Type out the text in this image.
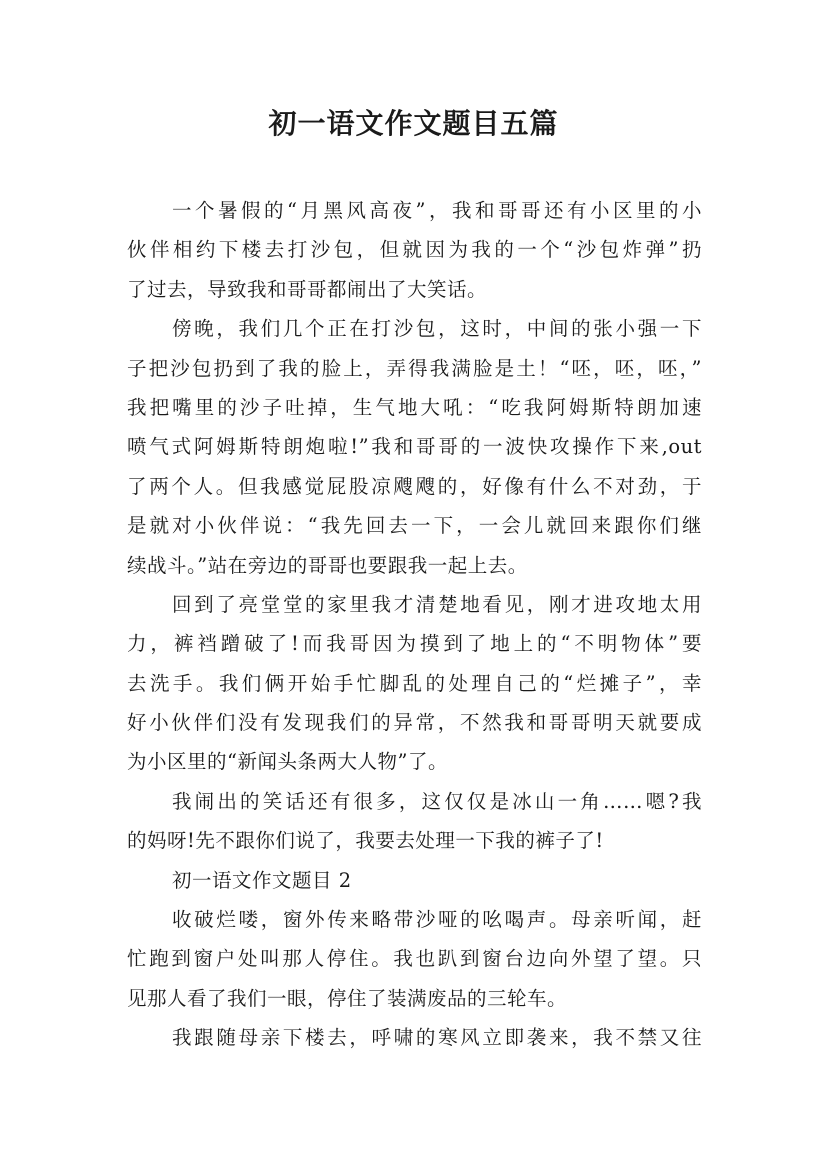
初一语文作文题目五篇
一个暑假的“月黑风高夜”，我和哥哥还有小区里的小
伙伴相约下楼去打沙包，但就因为我的一个“沙包炸弹”扔
了过去，导致我和哥哥都闹出了大笑话。
傍晚，我们几个正在打沙包，这时，中间的张小强一下
子把沙包扔到了我的脸上，弄得我满脸是土！“呸，呸，呸，”
我把嘴里的沙子吐掉，生气地大吼：“吃我阿姆斯特朗加速
喷气式阿姆斯特朗炮啦!”我和哥哥的一波快攻操作下来,out
了两个人。但我感觉屁股凉飕飕的，好像有什么不对劲，于
是就对小伙伴说：“我先回去一下，一会儿就回来跟你们继
续战斗。”站在旁边的哥哥也要跟我一起上去。
回到了亮堂堂的家里我才清楚地看见，刚才进攻地太用
力，裤裆蹭破了!而我哥因为摸到了地上的“不明物体”要
去洗手。我们俩开始手忙脚乱的处理自己的“烂摊子”，幸
好小伙伴们没有发现我们的异常，不然我和哥哥明天就要成
为小区里的“新闻头条两大人物”了。
我闹出的笑话还有很多，这仅仅是冰山一角……嗯?我
的妈呀!先不跟你们说了，我要去处理一下我的裤子了!
初一语文作文题目 2
收破烂喽，窗外传来略带沙哑的吆喝声。母亲听闻，赶
忙跑到窗户处叫那人停住。我也趴到窗台边向外望了望。只
见那人看了我们一眼，停住了装满废品的三轮车。
我跟随母亲下楼去，呼啸的寒风立即袭来，我不禁又往
